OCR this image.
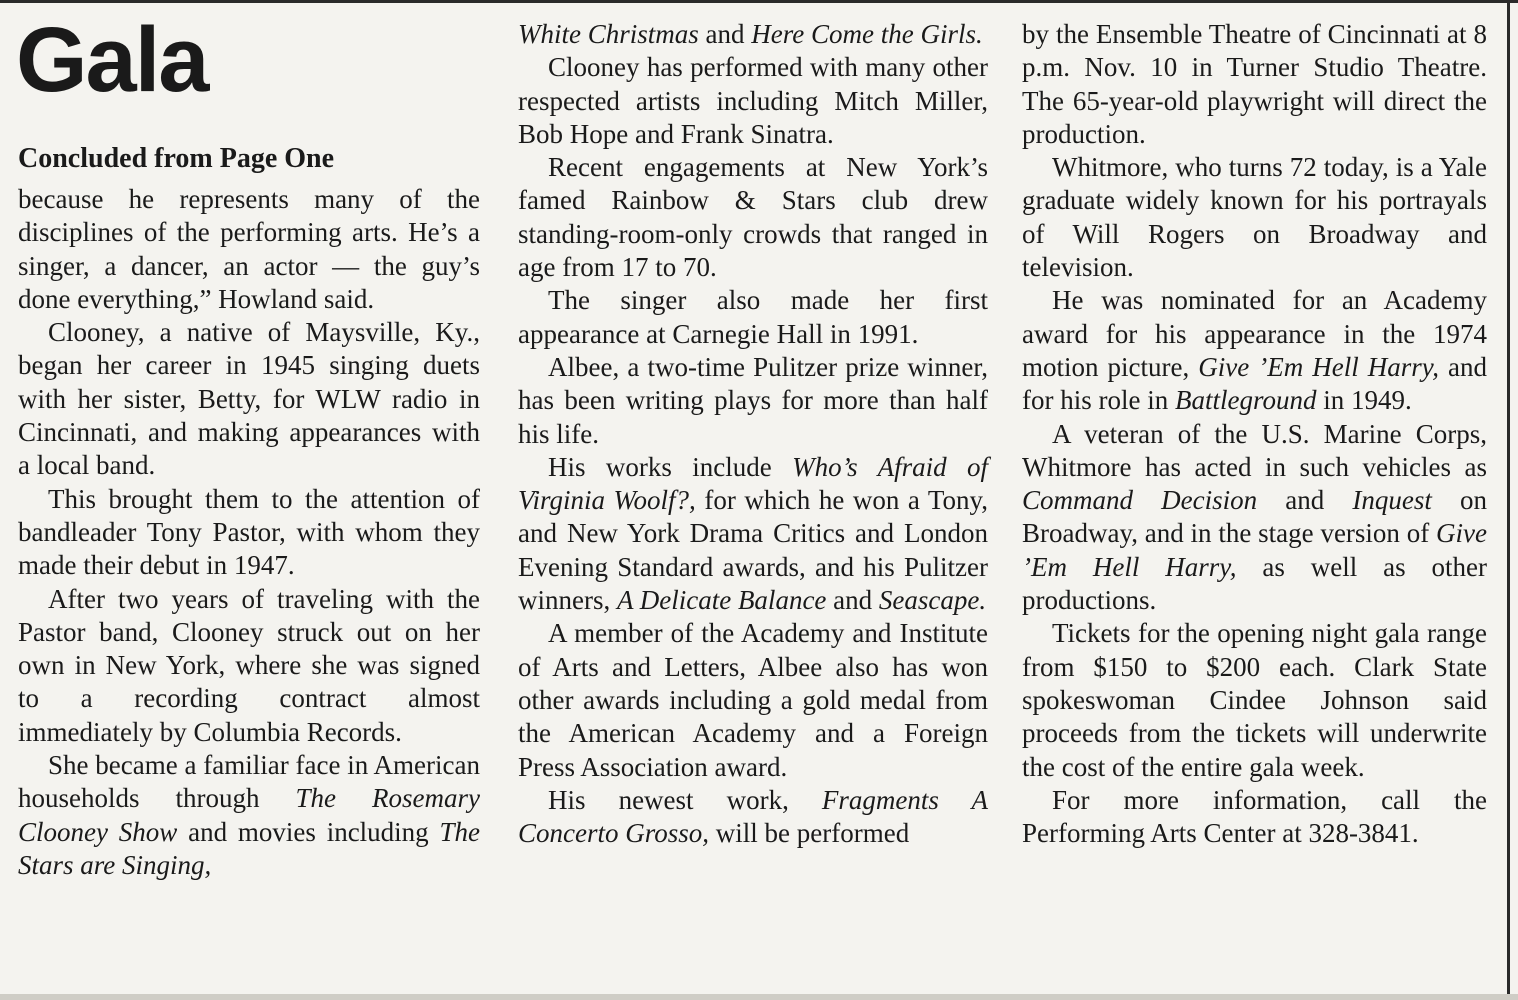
Gala
Concluded from Page One

because he represents many of the disciplines of the performing arts. He’s a singer, a dancer, an actor — the guy’s done everything,” Howland said.

Clooney, a native of Maysville, Ky., began her career in 1945 singing duets with her sister, Betty, for WLW radio in Cincinnati, and making appearances with a local band.

This brought them to the attention of bandleader Tony Pastor, with whom they made their debut in 1947.

After two years of traveling with the Pastor band, Clooney struck out on her own in New York, where she was signed to a recording contract almost immediately by Columbia Records.

She became a familiar face in American households through The Rosemary Clooney Show and movies including The Stars are Singing,

White Christmas and Here Come the Girls.

Clooney has performed with many other respected artists including Mitch Miller, Bob Hope and Frank Sinatra.

Recent engagements at New York’s famed Rainbow & Stars club drew standing-room-only crowds that ranged in age from 17 to 70.

The singer also made her first appearance at Carnegie Hall in 1991.

Albee, a two-time Pulitzer prize winner, has been writing plays for more than half his life.

His works include Who’s Afraid of Virginia Woolf?, for which he won a Tony, and New York Drama Critics and London Evening Standard awards, and his Pulitzer winners, A Delicate Balance and Seascape.

A member of the Academy and Institute of Arts and Letters, Albee also has won other awards including a gold medal from the American Academy and a Foreign Press Association award.

His newest work, Fragments A Concerto Grosso, will be performed

by the Ensemble Theatre of Cincinnati at 8 p.m. Nov. 10 in Turner Studio Theatre. The 65-year-old playwright will direct the production.

Whitmore, who turns 72 today, is a Yale graduate widely known for his portrayals of Will Rogers on Broadway and television.

He was nominated for an Academy award for his appearance in the 1974 motion picture, Give ’Em Hell Harry, and for his role in Battleground in 1949.

A veteran of the U.S. Marine Corps, Whitmore has acted in such vehicles as Command Decision and Inquest on Broadway, and in the stage version of Give ’Em Hell Harry, as well as other productions.

Tickets for the opening night gala range from $150 to $200 each. Clark State spokeswoman Cindee Johnson said proceeds from the tickets will underwrite the cost of the entire gala week.

For more information, call the Performing Arts Center at 328-3841.
